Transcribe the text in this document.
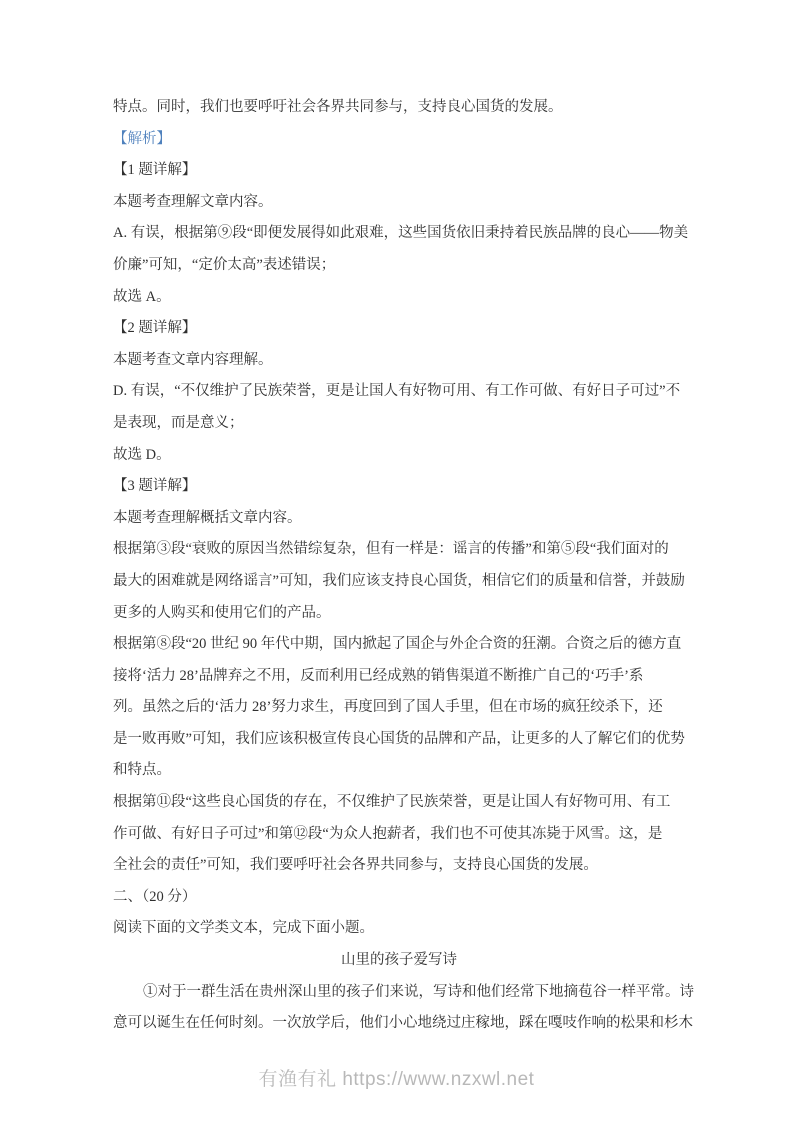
特点。同时，我们也要呼吁社会各界共同参与，支持良心国货的发展。
【解析】
【1 题详解】
本题考查理解文章内容。
A. 有误，根据第⑨段“即便发展得如此艰难，这些国货依旧秉持着民族品牌的良心——物美
价廉”可知，“定价太高”表述错误；
故选 A。
【2 题详解】
本题考查文章内容理解。
D. 有误，“不仅维护了民族荣誉，更是让国人有好物可用、有工作可做、有好日子可过”不
是表现，而是意义；
故选 D。
【3 题详解】
本题考查理解概括文章内容。
根据第③段“衰败的原因当然错综复杂，但有一样是：谣言的传播”和第⑤段“我们面对的
最大的困难就是网络谣言”可知，我们应该支持良心国货，相信它们的质量和信誉，并鼓励
更多的人购买和使用它们的产品。
根据第⑧段“20 世纪 90 年代中期，国内掀起了国企与外企合资的狂潮。合资之后的德方直
接将‘活力 28’品牌弃之不用，反而利用已经成熟的销售渠道不断推广自己的‘巧手’系
列。虽然之后的‘活力 28’努力求生，再度回到了国人手里，但在市场的疯狂绞杀下，还
是一败再败”可知，我们应该积极宣传良心国货的品牌和产品，让更多的人了解它们的优势
和特点。
根据第⑪段“这些良心国货的存在，不仅维护了民族荣誉，更是让国人有好物可用、有工
作可做、有好日子可过”和第⑫段“为众人抱薪者，我们也不可使其冻毙于风雪。这，是
全社会的责任”可知，我们要呼吁社会各界共同参与，支持良心国货的发展。
二、（20 分）
阅读下面的文学类文本，完成下面小题。
山里的孩子爱写诗
①对于一群生活在贵州深山里的孩子们来说，写诗和他们经常下地摘苞谷一样平常。诗
意可以诞生在任何时刻。一次放学后，他们小心地绕过庄稼地，踩在嘎吱作响的松果和杉木
有渔有礼 https://www.nzxwl.net
